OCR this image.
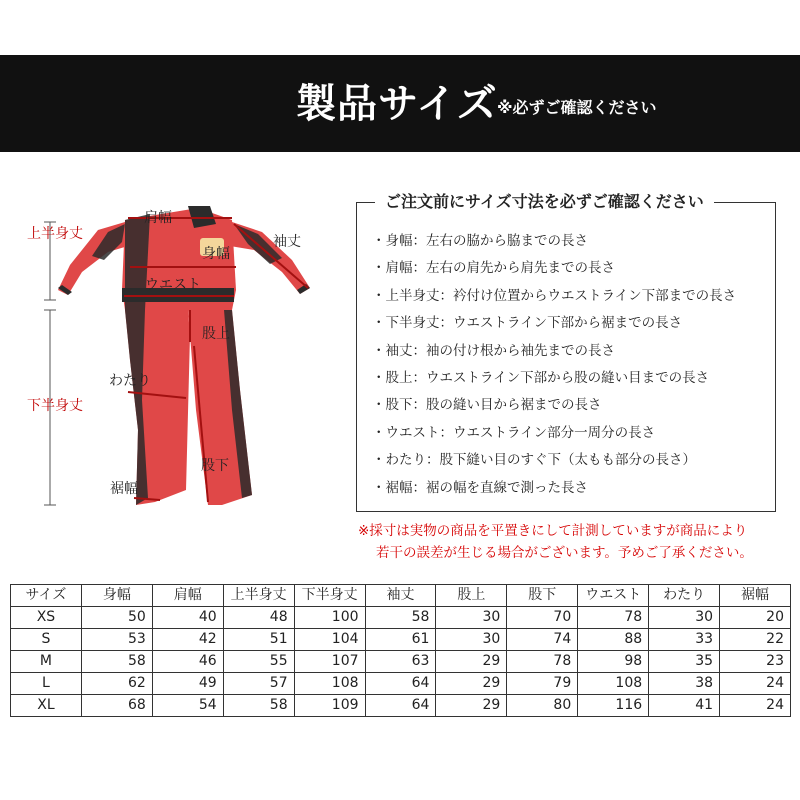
製品サイズ ※必ずご確認ください
上半身丈
肩幅
身幅
袖丈
ウエスト
股上
下半身丈
わたり
股下
裾幅
ご注文前にサイズ寸法を必ずご確認ください
・身幅：左右の脇から脇までの長さ
・肩幅：左右の肩先から肩先までの長さ
・上半身丈：衿付け位置からウエストライン下部までの長さ
・下半身丈：ウエストライン下部から裾までの長さ
・袖丈：袖の付け根から袖先までの長さ
・股上：ウエストライン下部から股の縫い目までの長さ
・股下：股の縫い目から裾までの長さ
・ウエスト：ウエストライン部分一周分の長さ
・わたり：股下縫い目のすぐ下（太もも部分の長さ）
・裾幅：裾の幅を直線で測った長さ
※採寸は実物の商品を平置きにして計測していますが商品により
若干の誤差が生じる場合がございます。予めご了承ください。
サイズ	身幅	肩幅	上半身丈	下半身丈	袖丈	股上	股下	ウエスト	わたり	裾幅
XS	50	40	48	100	58	30	70	78	30	20
S	53	42	51	104	61	30	74	88	33	22
M	58	46	55	107	63	29	78	98	35	23
L	62	49	57	108	64	29	79	108	38	24
XL	68	54	58	109	64	29	80	116	41	24
